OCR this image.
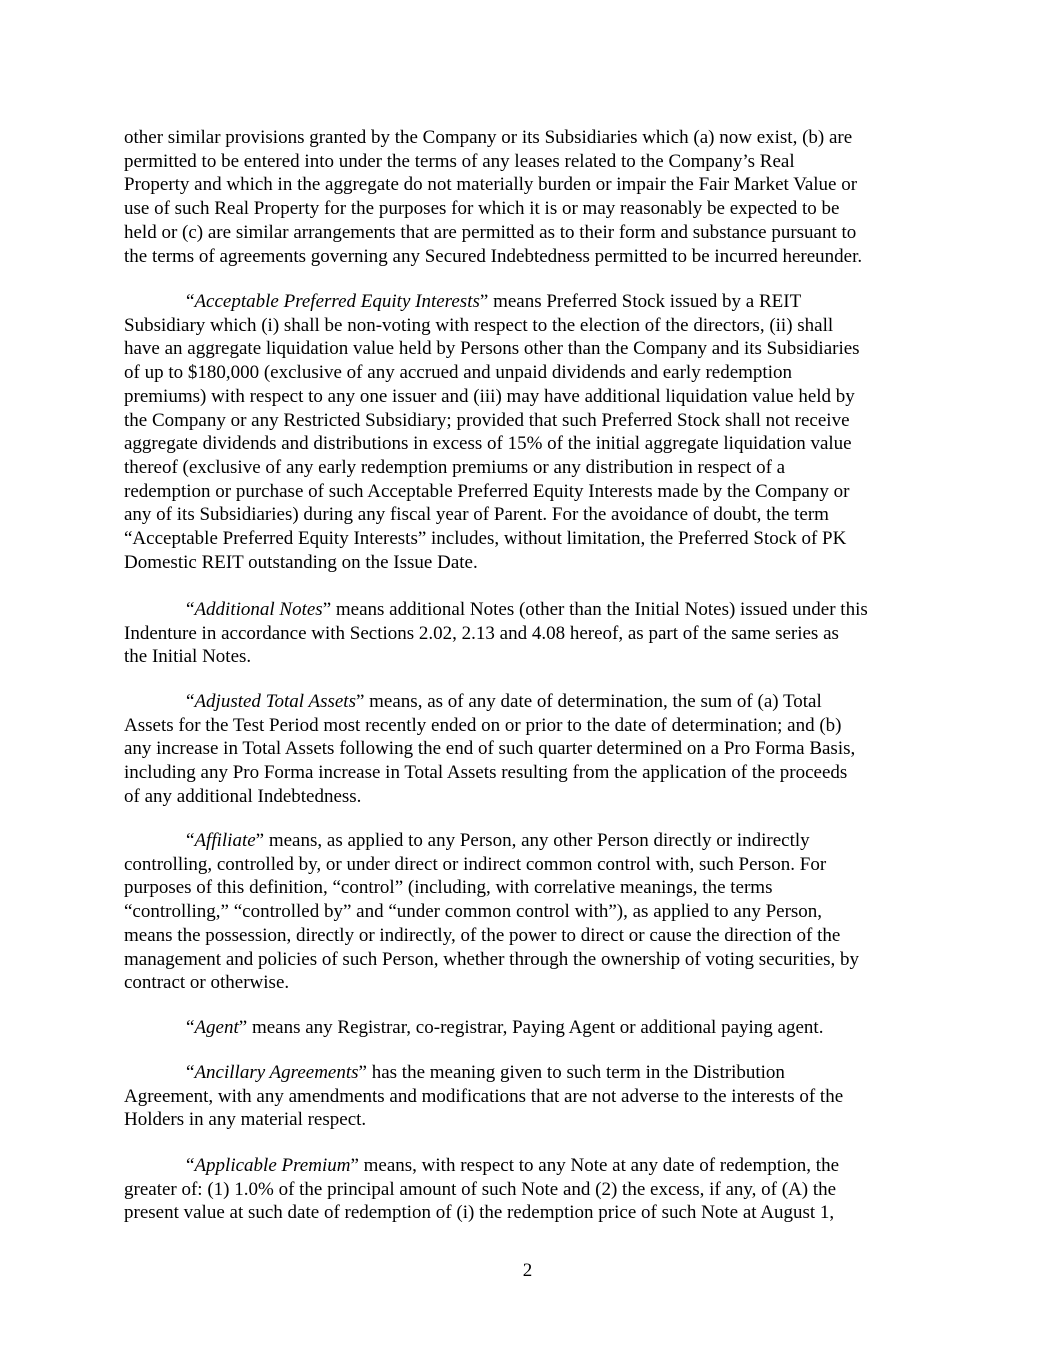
other similar provisions granted by the Company or its Subsidiaries which (a) now exist, (b) are
permitted to be entered into under the terms of any leases related to the Company’s Real
Property and which in the aggregate do not materially burden or impair the Fair Market Value or
use of such Real Property for the purposes for which it is or may reasonably be expected to be
held or (c) are similar arrangements that are permitted as to their form and substance pursuant to
the terms of agreements governing any Secured Indebtedness permitted to be incurred hereunder.

“Acceptable Preferred Equity Interests” means Preferred Stock issued by a REIT
Subsidiary which (i) shall be non-voting with respect to the election of the directors, (ii) shall
have an aggregate liquidation value held by Persons other than the Company and its Subsidiaries
of up to $180,000 (exclusive of any accrued and unpaid dividends and early redemption
premiums) with respect to any one issuer and (iii) may have additional liquidation value held by
the Company or any Restricted Subsidiary; provided that such Preferred Stock shall not receive
aggregate dividends and distributions in excess of 15% of the initial aggregate liquidation value
thereof (exclusive of any early redemption premiums or any distribution in respect of a
redemption or purchase of such Acceptable Preferred Equity Interests made by the Company or
any of its Subsidiaries) during any fiscal year of Parent. For the avoidance of doubt, the term
“Acceptable Preferred Equity Interests” includes, without limitation, the Preferred Stock of PK
Domestic REIT outstanding on the Issue Date.

“Additional Notes” means additional Notes (other than the Initial Notes) issued under this
Indenture in accordance with Sections 2.02, 2.13 and 4.08 hereof, as part of the same series as
the Initial Notes.

“Adjusted Total Assets” means, as of any date of determination, the sum of (a) Total
Assets for the Test Period most recently ended on or prior to the date of determination; and (b)
any increase in Total Assets following the end of such quarter determined on a Pro Forma Basis,
including any Pro Forma increase in Total Assets resulting from the application of the proceeds
of any additional Indebtedness.

“Affiliate” means, as applied to any Person, any other Person directly or indirectly
controlling, controlled by, or under direct or indirect common control with, such Person. For
purposes of this definition, “control” (including, with correlative meanings, the terms
“controlling,” “controlled by” and “under common control with”), as applied to any Person,
means the possession, directly or indirectly, of the power to direct or cause the direction of the
management and policies of such Person, whether through the ownership of voting securities, by
contract or otherwise.

“Agent” means any Registrar, co-registrar, Paying Agent or additional paying agent.

“Ancillary Agreements” has the meaning given to such term in the Distribution
Agreement, with any amendments and modifications that are not adverse to the interests of the
Holders in any material respect.

“Applicable Premium” means, with respect to any Note at any date of redemption, the
greater of: (1) 1.0% of the principal amount of such Note and (2) the excess, if any, of (A) the
present value at such date of redemption of (i) the redemption price of such Note at August 1,

2
